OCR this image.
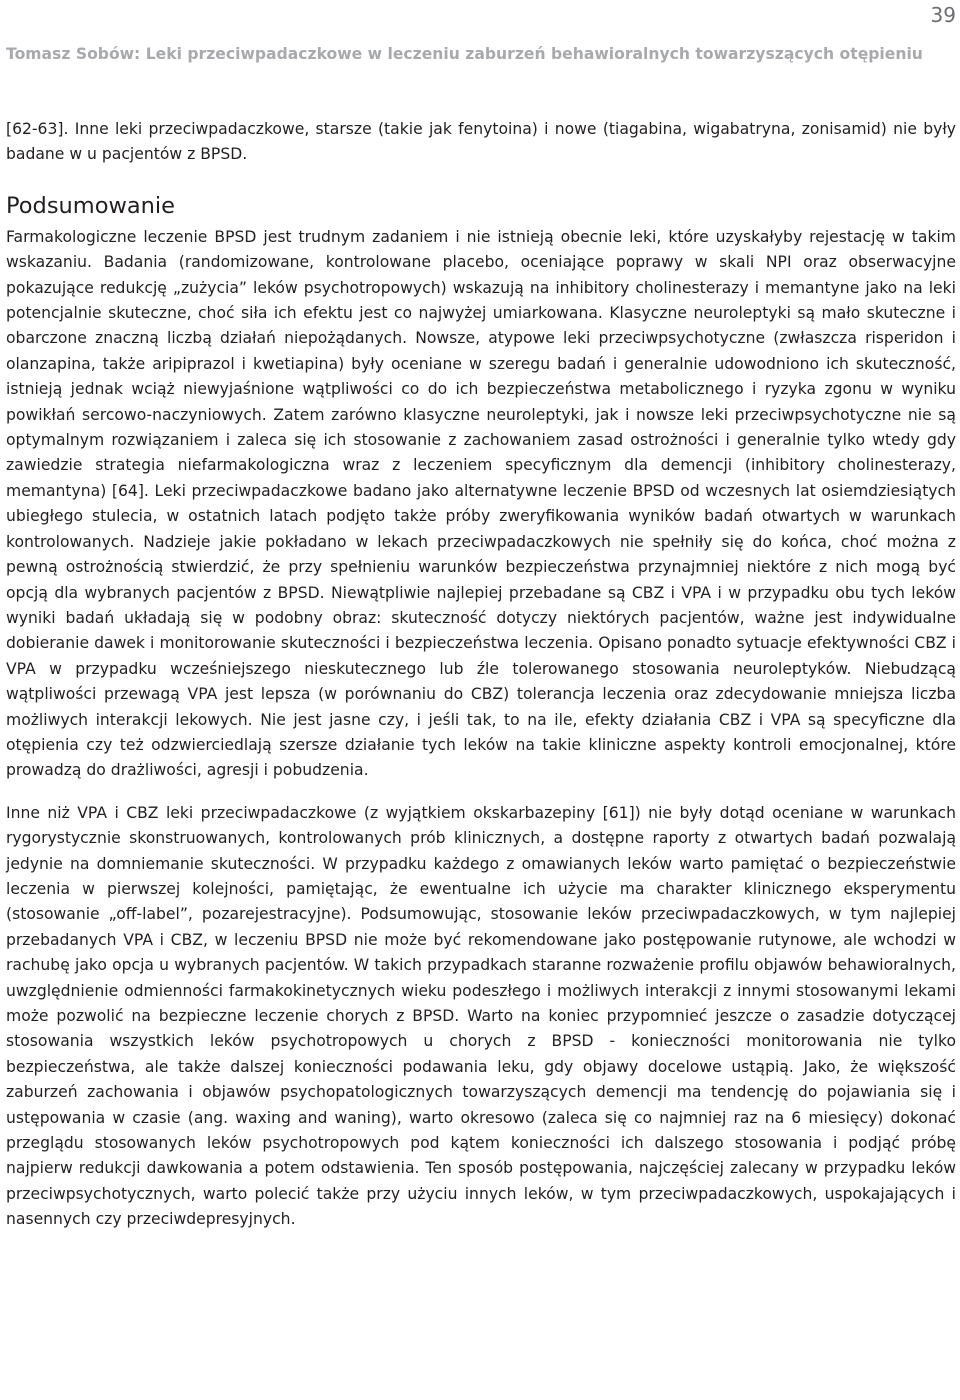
39
Tomasz Sobów: Leki przeciwpadaczkowe w leczeniu zaburzeń behawioralnych towarzyszących otępieniu

[62-63]. Inne leki przeciwpadaczkowe, starsze (takie jak fenytoina) i nowe (tiagabina, wigabatryna, zonisamid) nie były badane w u pacjentów z BPSD.

Podsumowanie

Farmakologiczne leczenie BPSD jest trudnym zadaniem i nie istnieją obecnie leki, które uzyskałyby rejestację w takim wskazaniu. Badania (randomizowane, kontrolowane placebo, oceniające poprawy w skali NPI oraz obserwacyjne pokazujące redukcję „zużycia” leków psychotropowych) wskazują na inhibitory cholinesterazy i memantyne jako na leki potencjalnie skuteczne, choć siła ich efektu jest co najwyżej umiarkowana. Klasyczne neuroleptyki są mało skuteczne i obarczone znaczną liczbą działań niepożądanych. Nowsze, atypowe leki przeciwpsychotyczne (zwłaszcza risperidon i olanzapina, także aripiprazol i kwetiapina) były oceniane w szeregu badań i generalnie udowodniono ich skuteczność, istnieją jednak wciąż niewyjaśnione wątpliwości co do ich bezpieczeństwa metabolicznego i ryzyka zgonu w wyniku powikłań sercowo-naczyniowych. Zatem zarówno klasyczne neuroleptyki, jak i nowsze leki przeciwpsychotyczne nie są optymalnym rozwiązaniem i zaleca się ich stosowanie z zachowaniem zasad ostrożności i generalnie tylko wtedy gdy zawiedzie strategia niefarmakologiczna wraz z leczeniem specyficznym dla demencji (inhibitory cholinesterazy, memantyna) [64]. Leki przeciwpadaczkowe badano jako alternatywne leczenie BPSD od wczesnych lat osiemdziesiątych ubiegłego stulecia, w ostatnich latach podjęto także próby zweryfikowania wyników badań otwartych w warunkach kontrolowanych. Nadzieje jakie pokładano w lekach przeciwpadaczkowych nie spełniły się do końca, choć można z pewną ostrożnością stwierdzić, że przy spełnieniu warunków bezpieczeństwa przynajmniej niektóre z nich mogą być opcją dla wybranych pacjentów z BPSD. Niewątpliwie najlepiej przebadane są CBZ i VPA i w przypadku obu tych leków wyniki badań układają się w podobny obraz: skuteczność dotyczy niektórych pacjentów, ważne jest indywidualne dobieranie dawek i monitorowanie skuteczności i bezpieczeństwa leczenia. Opisano ponadto sytuacje efektywności CBZ i VPA w przypadku wcześniejszego nieskutecznego lub źle tolerowanego stosowania neuroleptyków. Niebudzącą wątpliwości przewagą VPA jest lepsza (w porównaniu do CBZ) tolerancja leczenia oraz zdecydowanie mniejsza liczba możliwych interakcji lekowych. Nie jest jasne czy, i jeśli tak, to na ile, efekty działania CBZ i VPA są specyficzne dla otępienia czy też odzwierciedlają szersze działanie tych leków na takie kliniczne aspekty kontroli emocjonalnej, które prowadzą do drażliwości, agresji i pobudzenia.

Inne niż VPA i CBZ leki przeciwpadaczkowe (z wyjątkiem okskarbazepiny [61]) nie były dotąd oceniane w warunkach rygorystycznie skonstruowanych, kontrolowanych prób klinicznych, a dostępne raporty z otwartych badań pozwalają jedynie na domniemanie skuteczności. W przypadku każdego z omawianych leków warto pamiętać o bezpieczeństwie leczenia w pierwszej kolejności, pamiętając, że ewentualne ich użycie ma charakter klinicznego eksperymentu (stosowanie „off-label”, pozarejestracyjne). Podsumowując, stosowanie leków przeciwpadaczkowych, w tym najlepiej przebadanych VPA i CBZ, w leczeniu BPSD nie może być rekomendowane jako postępowanie rutynowe, ale wchodzi w rachubę jako opcja u wybranych pacjentów. W takich przypadkach staranne rozważenie profilu objawów behawioralnych, uwzględnienie odmienności farmakokinetycznych wieku podeszłego i możliwych interakcji z innymi stosowanymi lekami może pozwolić na bezpieczne leczenie chorych z BPSD. Warto na koniec przypomnieć jeszcze o zasadzie dotyczącej stosowania wszystkich leków psychotropowych u chorych z BPSD - konieczności monitorowania nie tylko bezpieczeństwa, ale także dalszej konieczności podawania leku, gdy objawy docelowe ustąpią. Jako, że większość zaburzeń zachowania i objawów psychopatologicznych towarzyszących demencji ma tendencję do pojawiania się i ustępowania w czasie (ang. waxing and waning), warto okresowo (zaleca się co najmniej raz na 6 miesięcy) dokonać przeglądu stosowanych leków psychotropowych pod kątem konieczności ich dalszego stosowania i podjąć próbę najpierw redukcji dawkowania a potem odstawienia. Ten sposób postępowania, najczęściej zalecany w przypadku leków przeciwpsychotycznych, warto polecić także przy użyciu innych leków, w tym przeciwpadaczkowych, uspokajających i nasennych czy przeciwdepresyjnych.
